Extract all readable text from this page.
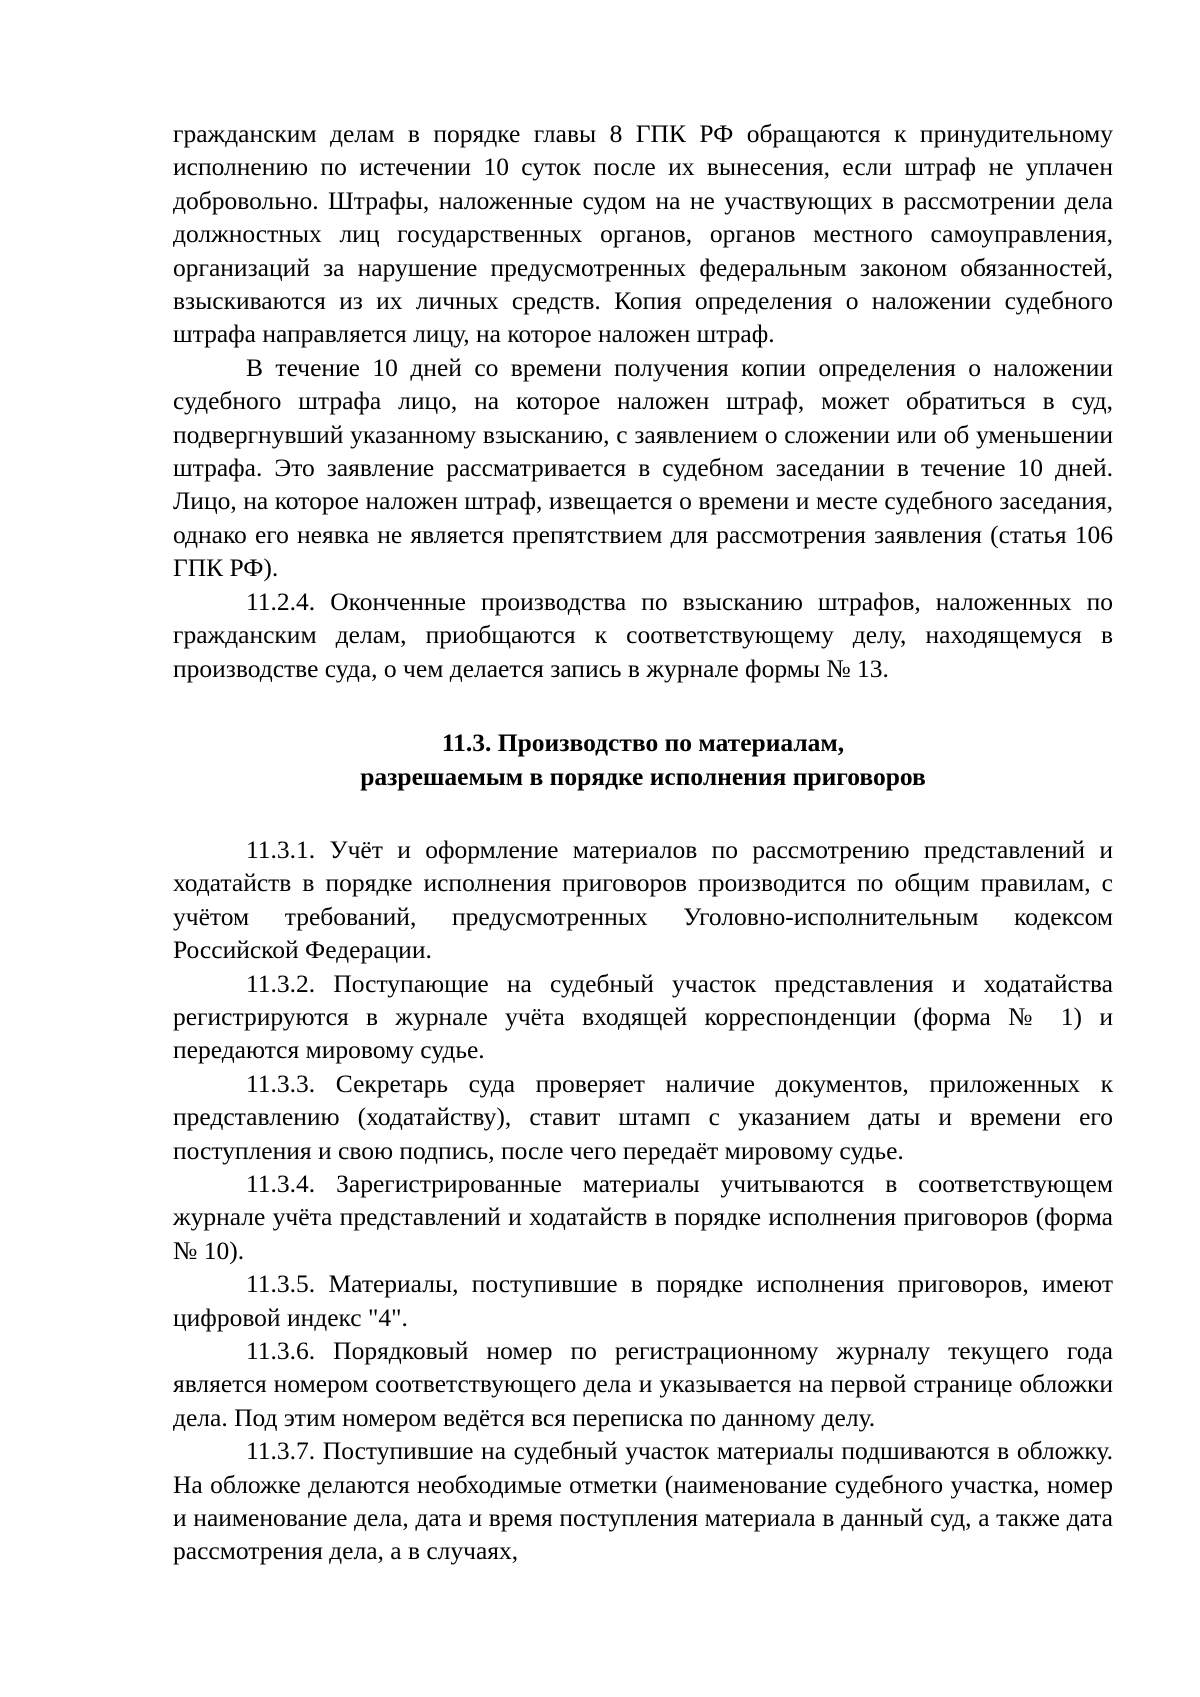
гражданским делам в порядке главы 8 ГПК РФ обращаются к принудительному исполнению по истечении 10 суток после их вынесения, если штраф не уплачен добровольно. Штрафы, наложенные судом на не участвующих в рассмотрении дела должностных лиц государственных органов, органов местного самоуправления, организаций за нарушение предусмотренных федеральным законом обязанностей, взыскиваются из их личных средств. Копия определения о наложении судебного штрафа направляется лицу, на которое наложен штраф.

В течение 10 дней со времени получения копии определения о наложении судебного штрафа лицо, на которое наложен штраф, может обратиться в суд, подвергнувший указанному взысканию, с заявлением о сложении или об уменьшении штрафа. Это заявление рассматривается в судебном заседании в течение 10 дней. Лицо, на которое наложен штраф, извещается о времени и месте судебного заседания, однако его неявка не является препятствием для рассмотрения заявления (статья 106 ГПК РФ).

11.2.4. Оконченные производства по взысканию штрафов, наложенных по гражданским делам, приобщаются к соответствующему делу, находящемуся в производстве суда, о чем делается запись в журнале формы № 13.

11.3. Производство по материалам,
разрешаемым в порядке исполнения приговоров

11.3.1. Учёт и оформление материалов по рассмотрению представлений и ходатайств в порядке исполнения приговоров производится по общим правилам, с учётом требований, предусмотренных Уголовно-исполнительным кодексом Российской Федерации.

11.3.2. Поступающие на судебный участок представления и ходатайства регистрируются в журнале учёта входящей корреспонденции (форма № 1) и передаются мировому судье.

11.3.3. Секретарь суда проверяет наличие документов, приложенных к представлению (ходатайству), ставит штамп с указанием даты и времени его поступления и свою подпись, после чего передаёт мировому судье.

11.3.4. Зарегистрированные материалы учитываются в соответствующем журнале учёта представлений и ходатайств в порядке исполнения приговоров (форма № 10).

11.3.5. Материалы, поступившие в порядке исполнения приговоров, имеют цифровой индекс "4".

11.3.6. Порядковый номер по регистрационному журналу текущего года является номером соответствующего дела и указывается на первой странице обложки дела. Под этим номером ведётся вся переписка по данному делу.

11.3.7. Поступившие на судебный участок материалы подшиваются в обложку. На обложке делаются необходимые отметки (наименование судебного участка, номер и наименование дела, дата и время поступления материала в данный суд, а также дата рассмотрения дела, а в случаях,
